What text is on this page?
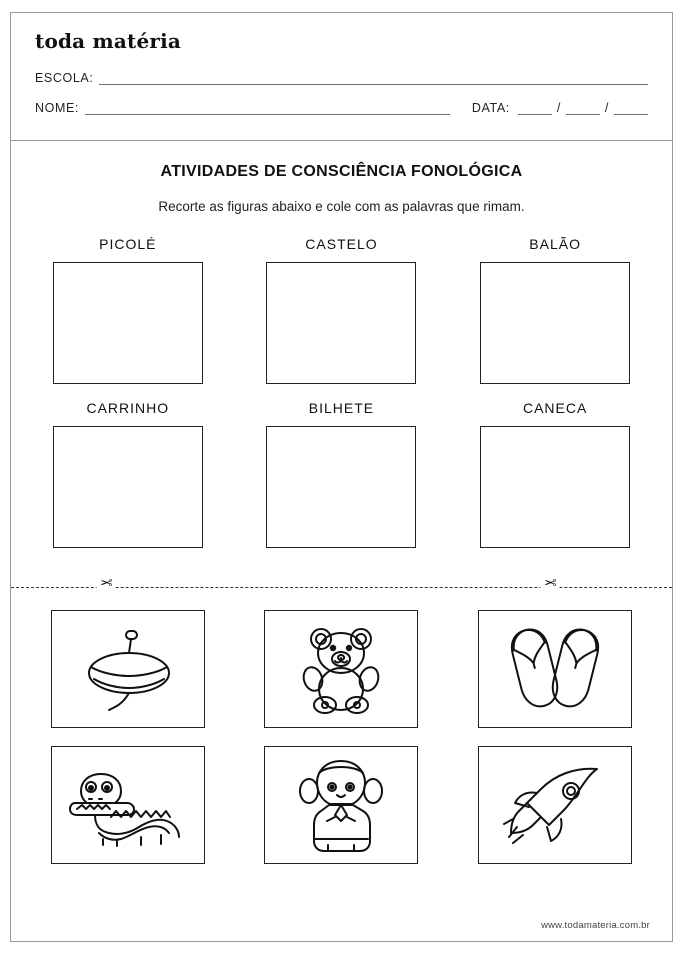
toda matéria
ESCOLA:
NOME:	DATA:	/	/
ATIVIDADES DE CONSCIÊNCIA FONOLÓGICA
Recorte as figuras abaixo e cole com as palavras que rimam.
PICOLÉ	CASTELO	BALÃO
CARRINHO	BILHETE	CANECA
✂	✂
www.todamateria.com.br
